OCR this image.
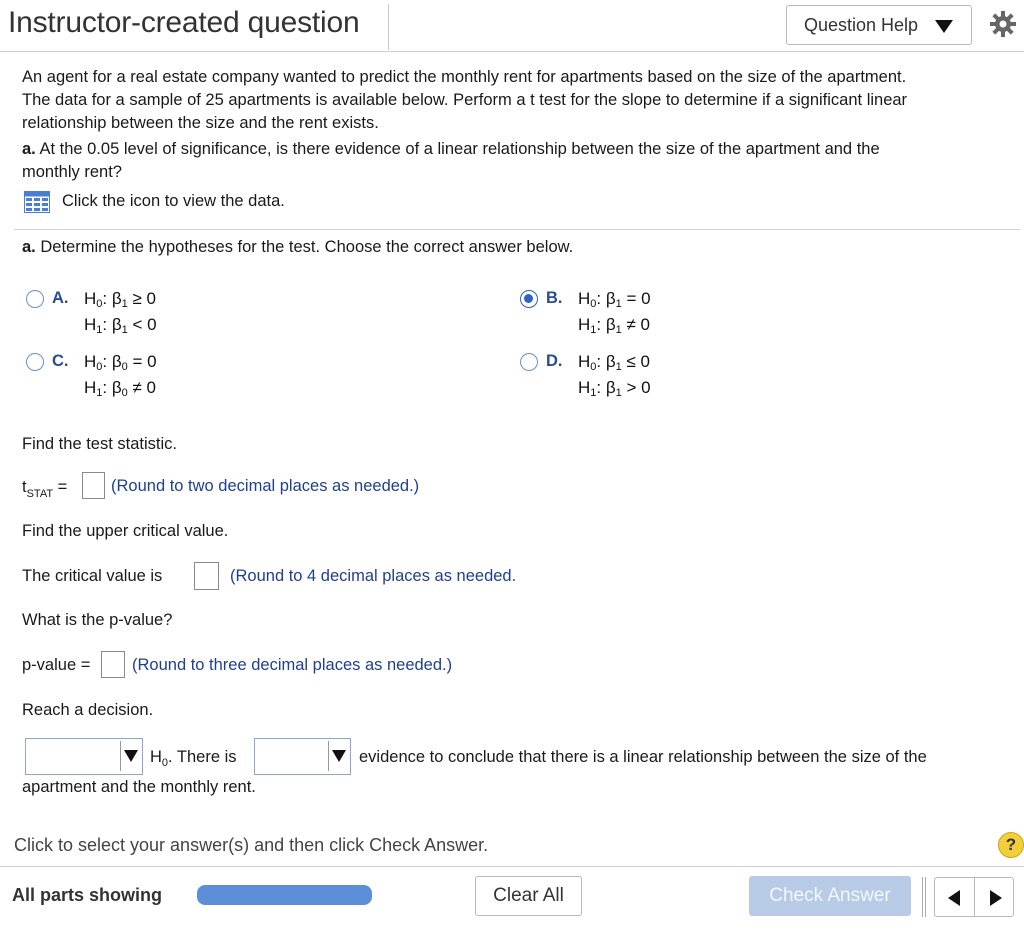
Instructor-created question	Question Help
An agent for a real estate company wanted to predict the monthly rent for apartments based on the size of the apartment.
The data for a sample of 25 apartments is available below. Perform a t test for the slope to determine if a significant linear
relationship between the size and the rent exists.
a. At the 0.05 level of significance, is there evidence of a linear relationship between the size of the apartment and the
monthly rent?
Click the icon to view the data.
a. Determine the hypotheses for the test. Choose the correct answer below.
A. $H_0$: $\beta_1 \ge 0$
$H_1$: $\beta_1 < 0$
B. $H_0$: $\beta_1 = 0$
$H_1$: $\beta_1 \ne 0$
C. $H_0$: $\beta_0 = 0$
$H_1$: $\beta_0 \ne 0$
D. $H_0$: $\beta_1 \le 0$
$H_1$: $\beta_1 > 0$
Find the test statistic.
$t_{STAT}$ =	(Round to two decimal places as needed.)
Find the upper critical value.
The critical value is	(Round to 4 decimal places as needed.
What is the p-value?
p-value =	(Round to three decimal places as needed.)
Reach a decision.
$H_0$. There is	evidence to conclude that there is a linear relationship between the size of the
apartment and the monthly rent.
Click to select your answer(s) and then click Check Answer.	?
All parts showing	Clear All	Check Answer
